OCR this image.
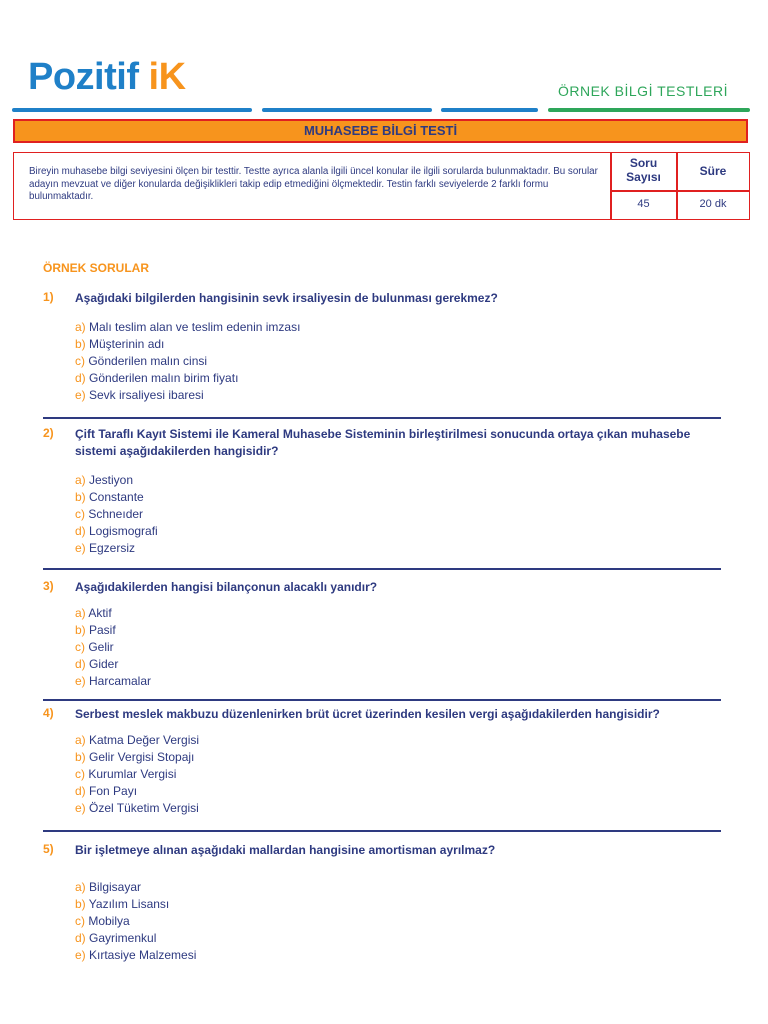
Pozitif iK	ÖRNEK BİLGİ TESTLERİ
MUHASEBE BİLGİ TESTİ
Bireyin muhasebe bilgi seviyesini ölçen bir testtir. Testte ayrıca alanla ilgili üncel konular ile ilgili sorularda bulunmaktadır. Bu sorular adayın mevzuat ve diğer konularda değişiklikleri takip edip etmediğini ölçmektedir. Testin farklı seviyelerde 2 farklı formu bulunmaktadır.
Soru
Sayısı	Süre
45	20 dk
ÖRNEK SORULAR
1) Aşağıdaki bilgilerden hangisinin sevk irsaliyesin de bulunması gerekmez?
a) Malı teslim alan ve teslim edenin imzası
b) Müşterinin adı
c) Gönderilen malın cinsi
d) Gönderilen malın birim fiyatı
e) Sevk irsaliyesi ibaresi
2) Çift Taraflı Kayıt Sistemi ile Kameral Muhasebe Sisteminin birleştirilmesi sonucunda ortaya çıkan muhasebe sistemi aşağıdakilerden hangisidir?
a) Jestiyon
b) Constante
c) Schneıder
d) Logismografi
e) Egzersiz
3) Aşağıdakilerden hangisi bilançonun alacaklı yanıdır?
a) Aktif
b) Pasif
c) Gelir
d) Gider
e) Harcamalar
4) Serbest meslek makbuzu düzenlenirken brüt ücret üzerinden kesilen vergi aşağıdakilerden hangisidir?
a) Katma Değer Vergisi
b) Gelir Vergisi Stopajı
c) Kurumlar Vergisi
d) Fon Payı
e) Özel Tüketim Vergisi
5) Bir işletmeye alınan aşağıdaki mallardan hangisine amortisman ayrılmaz?
a) Bilgisayar
b) Yazılım Lisansı
c) Mobilya
d) Gayrimenkul
e) Kırtasiye Malzemesi
